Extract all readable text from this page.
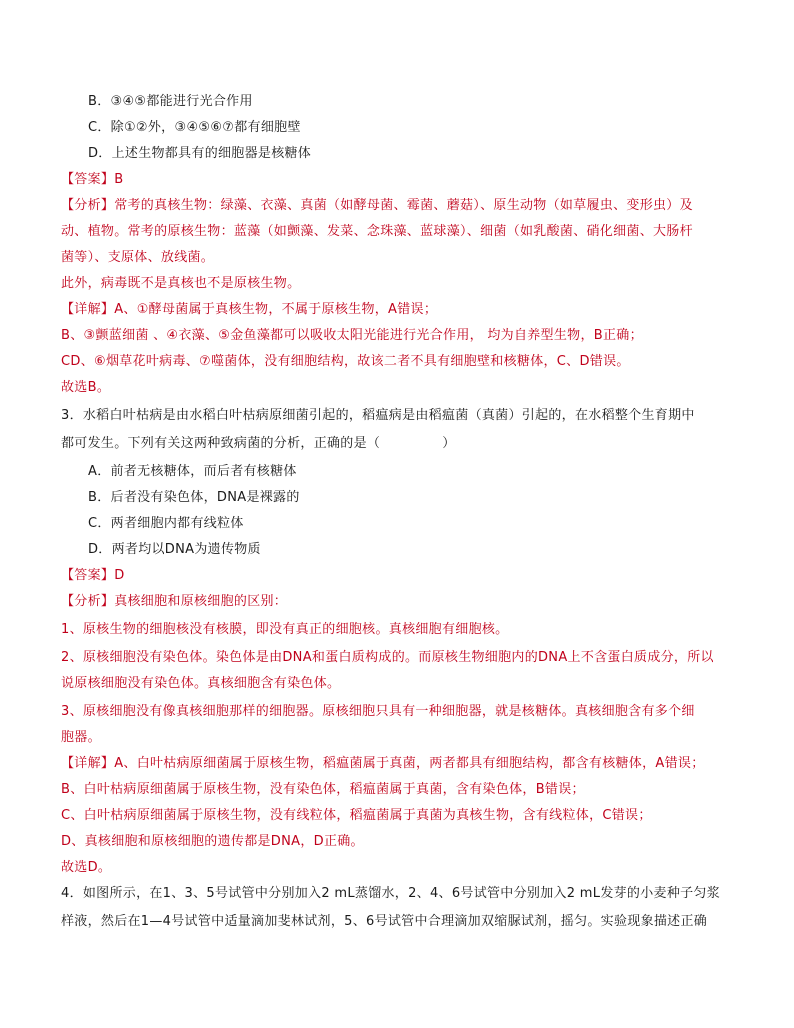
B．③④⑤都能进行光合作用
C．除①②外，③④⑤⑥⑦都有细胞壁
D．上述生物都具有的细胞器是核糖体
【答案】B
【分析】常考的真核生物：绿藻、衣藻、真菌（如酵母菌、霉菌、蘑菇）、原生动物（如草履虫、变形虫）及
动、植物。常考的原核生物：蓝藻（如颤藻、发菜、念珠藻、蓝球藻）、细菌（如乳酸菌、硝化细菌、大肠杆
菌等）、支原体、放线菌。
此外，病毒既不是真核也不是原核生物。
【详解】A、①酵母菌属于真核生物，不属于原核生物，A错误；
B、③颤蓝细菌 、④衣藻、⑤金鱼藻都可以吸收太阳光能进行光合作用， 均为自养型生物，B正确；
CD、⑥烟草花叶病毒、⑦噬菌体，没有细胞结构，故该二者不具有细胞壁和核糖体，C、D错误。
故选B。
3．水稻白叶枯病是由水稻白叶枯病原细菌引起的，稻瘟病是由稻瘟菌（真菌）引起的，在水稻整个生育期中
都可发生。下列有关这两种致病菌的分析，正确的是（	）
A．前者无核糖体，而后者有核糖体
B．后者没有染色体，DNA是裸露的
C．两者细胞内都有线粒体
D．两者均以DNA为遗传物质
【答案】D
【分析】真核细胞和原核细胞的区别：
1、原核生物的细胞核没有核膜，即没有真正的细胞核。真核细胞有细胞核。
2、原核细胞没有染色体。染色体是由DNA和蛋白质构成的。而原核生物细胞内的DNA上不含蛋白质成分，所以
说原核细胞没有染色体。真核细胞含有染色体。
3、原核细胞没有像真核细胞那样的细胞器。原核细胞只具有一种细胞器，就是核糖体。真核细胞含有多个细
胞器。
【详解】A、白叶枯病原细菌属于原核生物，稻瘟菌属于真菌，两者都具有细胞结构，都含有核糖体，A错误；
B、白叶枯病原细菌属于原核生物，没有染色体，稻瘟菌属于真菌，含有染色体，B错误；
C、白叶枯病原细菌属于原核生物，没有线粒体，稻瘟菌属于真菌为真核生物，含有线粒体，C错误；
D、真核细胞和原核细胞的遗传都是DNA，D正确。
故选D。
4．如图所示，在1、3、5号试管中分别加入2 mL蒸馏水，2、4、6号试管中分别加入2 mL发芽的小麦种子匀浆
样液，然后在1—4号试管中适量滴加斐林试剂，5、6号试管中合理滴加双缩脲试剂，摇匀。实验现象描述正确
